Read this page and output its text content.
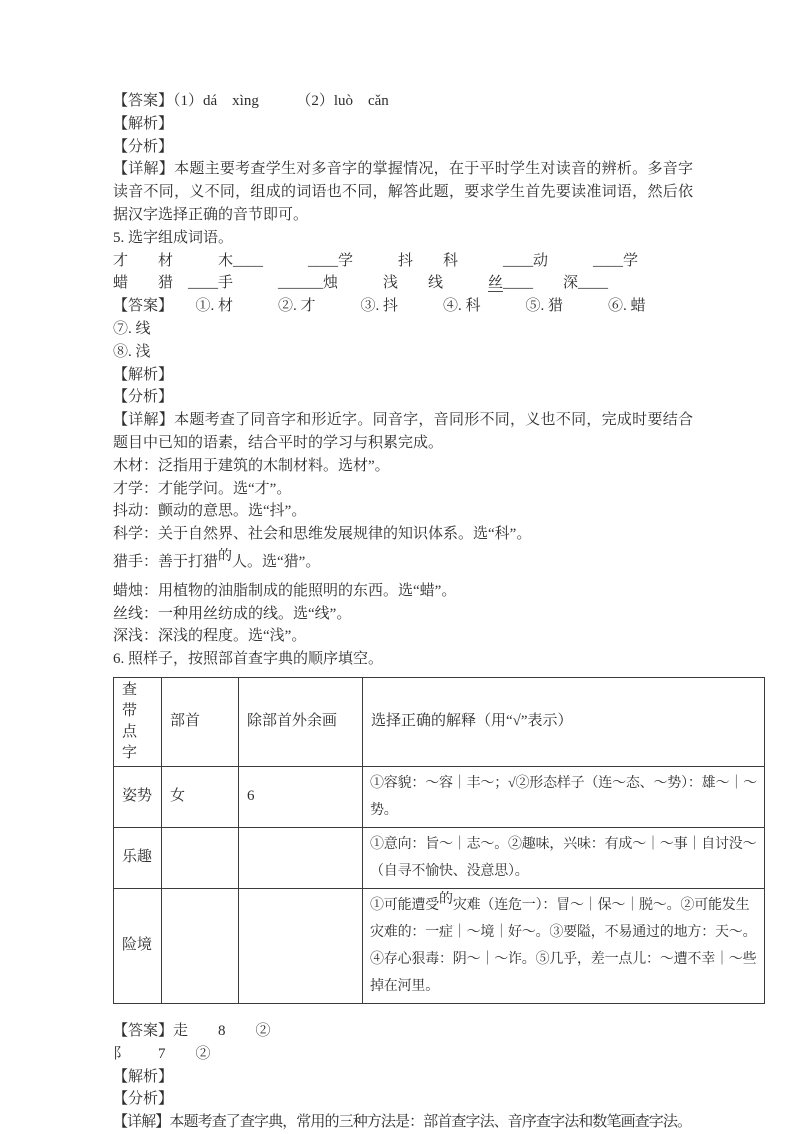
【答案】（1）dá　xìng　　　（2）luò　cǎn

【解析】

【分析】

【详解】本题主要考查学生对多音字的掌握情况，在于平时学生对读音的辨析。多音字读音不同，义不同，组成的词语也不同，解答此题，要求学生首先要读准词语，然后依据汉字选择正确的音节即可。

5. 选字组成词语。

才　　材　　　木____　　　____学　　　抖　　科　　　____动　　　____学

蜡　　猎　____手　　　______烛　　　浅　　线　　　丝____　　深____

【答案】　　①. 材　　　②. 才　　　③. 抖　　　④. 科　　　⑤. 猎　　　⑥. 蜡　　　⑦. 线

⑧. 浅

【解析】

【分析】

【详解】本题考查了同音字和形近字。同音字，音同形不同，义也不同，完成时要结合题目中已知的语素，结合平时的学习与积累完成。

木材：泛指用于建筑的木制材料。选材”。

才学：才能学问。选“才”。

抖动：颤动的意思。选“抖”。

科学：关于自然界、社会和思维发展规律的知识体系。选“科”。

猎手：善于打猎的人。选“猎”。

蜡烛：用植物的油脂制成的能照明的东西。选“蜡”。

丝线：一种用丝纺成的线。选“线”。

深浅：深浅的程度。选“浅”。

6. 照样子，按照部首查字典的顺序填空。

查 带 点 字	部首	除部首外余画	选择正确的解释（用“√”表示）
姿势	女	6	①容貌：～容｜丰～；√②形态样子（连～态、～势）：雄～｜～势。
乐趣			①意向：旨～｜志～。②趣味，兴味：有成～｜～事｜自讨没～（自寻不愉快、没意思）。
险境			①可能遭受的灾难（连危一）：冒～｜保～｜脱～。②可能发生灾难的：一症｜～境｜好～。③要隘，不易通过的地方：天～。④存心狠毒：阴～｜～诈。⑤几乎，差一点儿：～遭不幸｜～些掉在河里。

【答案】走　　8　　②

阝　　7　　②

【解析】

【分析】

【详解】本题考查了查字典，常用的三种方法是：部首查字法、音序查字法和数笔画查字法。
